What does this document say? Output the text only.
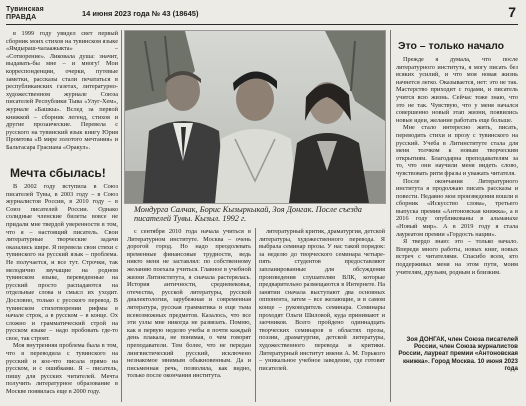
Тувинская ПРАВДА	14 июня 2023 года № 43 (18645)	7

в 1999 году увидел свет первый сборник моих стихов на тувинском языке «Ямдыраш-чалаажыкта» – «Сотворение». Ликовала душа: значит, выдавать-бы мне – и многу! Мои корреспонденции, очерки, путевые заметки, рассказы стали печататься в республиканских газетах, литературно-художественном журнале Союза писателей Республики Тыва «Улуг-Хем», журнале «Башкы». Вслед за первой книжкой – сборник легенд, стихов и другие прозаические. Перевела с русского на тувинский язык книгу Юрия Промтова «В мире золотого мечтания» и Бальтасара Грасиана «Оракул».

Мечта сбылась!

В 2002 году вступила в Союз писателей Тувы, в 2003 году – в Союз журналистов России, в 2010 году – в Союз писателей России. Однако солидные членские билеты вовсе не придали мне твердой уверенности в том, что я – настоящий писатель. Свои литературные творческие задачи оказались шире. Я перевела свои стихи с тувинского на русский язык – проблема. Не получается, и все тут. Строчки, так мелодично звучащие на родном тувинском языке, переведенные на русский просто распадаются на отдельные слова и смысл их уходит. Дословно, только с русского перевод. В тувинском стихотворении рифмы в начале строк, а в русском – в конце. Ох сложно и грамматический строй на русском языке – надо пробовать где-то свое, так строят.

Моя внутренняя проблема была в том, что я переводила с тувинского на русский и кое-что писала прямо на русском, и с ошибками. Я – писатель, пишу для русских читателей. Мечта получить литературное образование в Москве появилась еще в 2000 году.

Мондурга Салчак, Борис Кызыркыкай, Зоя Донгак. После съезда писателей Тувы. Кызыл. 1992 г.

с сентября 2010 года начала учиться в Литературном институте. Москва – очень дорогой город. Но надо преодолевать временные финансовые трудности, ведь никто меня не заставлял: по собственному желанию поехала учиться. Главное в учебной жизни Литинститута, я сначала растерялась. История античности, средневековья, отечества, русской литературы, русской диалектологии, зарубежная и современная литература, русская грамматика и еще тьма всевозможных предметов. Казалось, что все эти узлы мне никогда не развязать. Помню, как в первую неделю учебы я почти каждый день плакала, не понимая, о чем говорят преподаватели. Тем более, что не передан лингвистический русский, исключено незнакомое мнимым обыкновенным. Да и письменная речь, позволяла, как видно, только после окончания института.

литературный критик, драматургия, детской литературы, художественного перевода. Я выбрала семинар прозы. У нас такой порядок: за неделю до творческого семинара четыре-пять студентов предоставляют запланированные для обсуждения произведения слушателям ВЛК, которые предварительно размещаются в Интернете. На занятии сначала выступают два основных оппонента, затем – все желающие, и в самом конце – руководитель семинара. Семинары проходят Ольги Шиловой, куда принимают и заочников. Всего пройдено одиннадцать творческих семинаров в областях прозы, поэзии, драматургии, детской литературы, художественного перевода и критики. Литературный институт имени А. М. Горького – уникальное учебное заведение, где готовят писателей.

Это – только начало

Прежде я думала, что после литературного института, я могу писать без всяких усилий, и что моя новая жизнь начнется легко. Оказывается, нет: это не так. Мастерство приходит с годами, и писатель учится всю жизнь. Сейчас тоже знаю, что это не так. Чувствую, что у меня начался совершенно новый этап жизни, появились новые идеи, желание работать еще больше.

Мне стало интересно жить, писать, переводить стихи и прозу с тувинского на русский. Учеба в Литинституте стала для меня толчком к новым творческим открытиям. Благодарна преподавателям за то, что они научили меня видеть слово, чувствовать ритм фразы и уважать читателя.

После окончания Литературного института я продолжаю писать рассказы и повести. Недавно мои произведения вошли в сборник «Искусство слова», третьего выпуска премии «Антоновская книжка», а в 2016 году опубликованы в альманахе «Новый мир». А в 2019 году я стала лауреатом премии «Гордость нации».

Я твердо знаю: это – только начало. Впереди много работы, новых книг, новых встреч с читателями. Спасибо всем, кто поддерживал меня на этом пути, моим учителям, друзьям, родным и близким.

Зоя ДОНГАК, член Союза писателей России, член Союза журналистов России, лауреат премии «Антоновская книжка». Город Москва. 10 июня 2023 года
